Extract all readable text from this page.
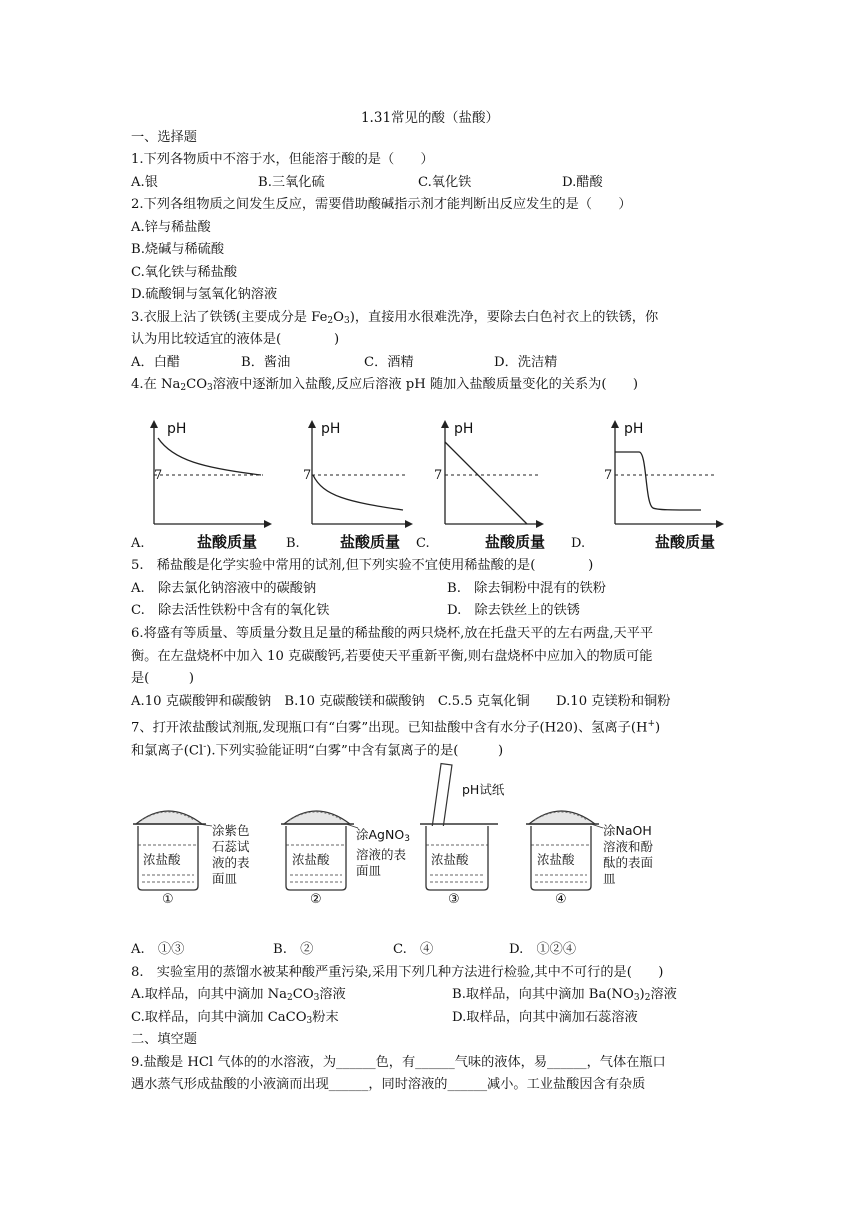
1.31常见的酸（盐酸）
一、选择题
1.下列各物质中不溶于水，但能溶于酸的是（　　）
A.银	B.三氧化硫	C.氧化铁	D.醋酸
2.下列各组物质之间发生反应，需要借助酸碱指示剂才能判断出反应发生的是（　　）
A.锌与稀盐酸
B.烧碱与稀硫酸
C.氧化铁与稀盐酸
D.硫酸铜与氢氧化钠溶液
3.衣服上沾了铁锈(主要成分是 $Fe_2O_3$)，直接用水很难洗净，要除去白色衬衣上的铁锈，你
认为用比较适宜的液体是(　　　　)
A．白醋	B．酱油	C．酒精	D．洗洁精
4.在 $Na_2CO_3$溶液中逐渐加入盐酸,反应后溶液 pH 随加入盐酸质量变化的关系为(　　)
pH
盐酸质量
A.
7
pH
盐酸质量
B.	C.
7
pH
盐酸质量
7
pH
盐酸质量
D.
7
5.　稀盐酸是化学实验中常用的试剂,但下列实验不宜使用稀盐酸的是(　　　　)
A.　除去氯化钠溶液中的碳酸钠	B.　除去铜粉中混有的铁粉
C.　除去活性铁粉中含有的氧化铁	D.　除去铁丝上的铁锈
6.将盛有等质量、等质量分数且足量的稀盐酸的两只烧杯,放在托盘天平的左右两盘,天平平
衡。在左盘烧杯中加入 10 克碳酸钙,若要使天平重新平衡,则右盘烧杯中应加入的物质可能
是(　　　)
A.10 克碳酸钾和碳酸钠　B.10 克碳酸镁和碳酸钠　C.5.5 克氧化铜　　D.10 克镁粉和铜粉
7、打开浓盐酸试剂瓶,发现瓶口有“白雾”出现。已知盐酸中含有水分子(H20)、氢离子(H+)
和氯离子(Cl-).下列实验能证明“白雾”中含有氯离子的是(　　　)
浓盐酸
涂紫色
石蕊试
液的表
面皿
①
浓盐酸
涂AgNO$_3$
溶液的表
面皿
②
pH试纸
浓盐酸
③
浓盐酸
涂NaOH
溶液和酚
酞的表面
皿
④
A.　①③	B.　②	C.　④	D.　①②④
8.　实验室用的蒸馏水被某种酸严重污染,采用下列几种方法进行检验,其中不可行的是(　　)
A.取样品，向其中滴加 $Na_2CO_3$溶液	B.取样品，向其中滴加 $Ba(NO_3)_2$溶液
C.取样品，向其中滴加 CaCO$_3$粉末	D.取样品，向其中滴加石蕊溶液
二、填空题
9.盐酸是 HCl 气体的的水溶液，为______色，有______气味的液体，易______，气体在瓶口
遇水蒸气形成盐酸的小液滴而出现______，同时溶液的______减小。工业盐酸因含有杂质
